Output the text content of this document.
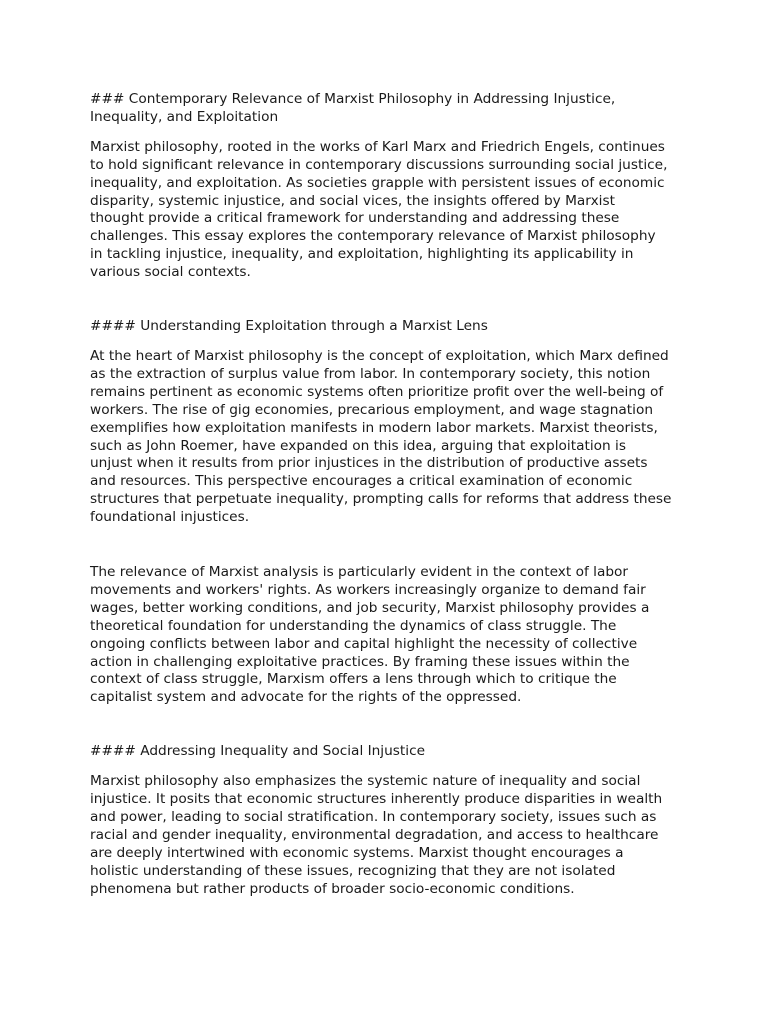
### Contemporary Relevance of Marxist Philosophy in Addressing Injustice,
Inequality, and Exploitation

Marxist philosophy, rooted in the works of Karl Marx and Friedrich Engels, continues
to hold significant relevance in contemporary discussions surrounding social justice,
inequality, and exploitation. As societies grapple with persistent issues of economic
disparity, systemic injustice, and social vices, the insights offered by Marxist
thought provide a critical framework for understanding and addressing these
challenges. This essay explores the contemporary relevance of Marxist philosophy
in tackling injustice, inequality, and exploitation, highlighting its applicability in
various social contexts.

#### Understanding Exploitation through a Marxist Lens

At the heart of Marxist philosophy is the concept of exploitation, which Marx defined
as the extraction of surplus value from labor. In contemporary society, this notion
remains pertinent as economic systems often prioritize profit over the well-being of
workers. The rise of gig economies, precarious employment, and wage stagnation
exemplifies how exploitation manifests in modern labor markets. Marxist theorists,
such as John Roemer, have expanded on this idea, arguing that exploitation is
unjust when it results from prior injustices in the distribution of productive assets
and resources. This perspective encourages a critical examination of economic
structures that perpetuate inequality, prompting calls for reforms that address these
foundational injustices.

The relevance of Marxist analysis is particularly evident in the context of labor
movements and workers' rights. As workers increasingly organize to demand fair
wages, better working conditions, and job security, Marxist philosophy provides a
theoretical foundation for understanding the dynamics of class struggle. The
ongoing conflicts between labor and capital highlight the necessity of collective
action in challenging exploitative practices. By framing these issues within the
context of class struggle, Marxism offers a lens through which to critique the
capitalist system and advocate for the rights of the oppressed.

#### Addressing Inequality and Social Injustice

Marxist philosophy also emphasizes the systemic nature of inequality and social
injustice. It posits that economic structures inherently produce disparities in wealth
and power, leading to social stratification. In contemporary society, issues such as
racial and gender inequality, environmental degradation, and access to healthcare
are deeply intertwined with economic systems. Marxist thought encourages a
holistic understanding of these issues, recognizing that they are not isolated
phenomena but rather products of broader socio-economic conditions.
